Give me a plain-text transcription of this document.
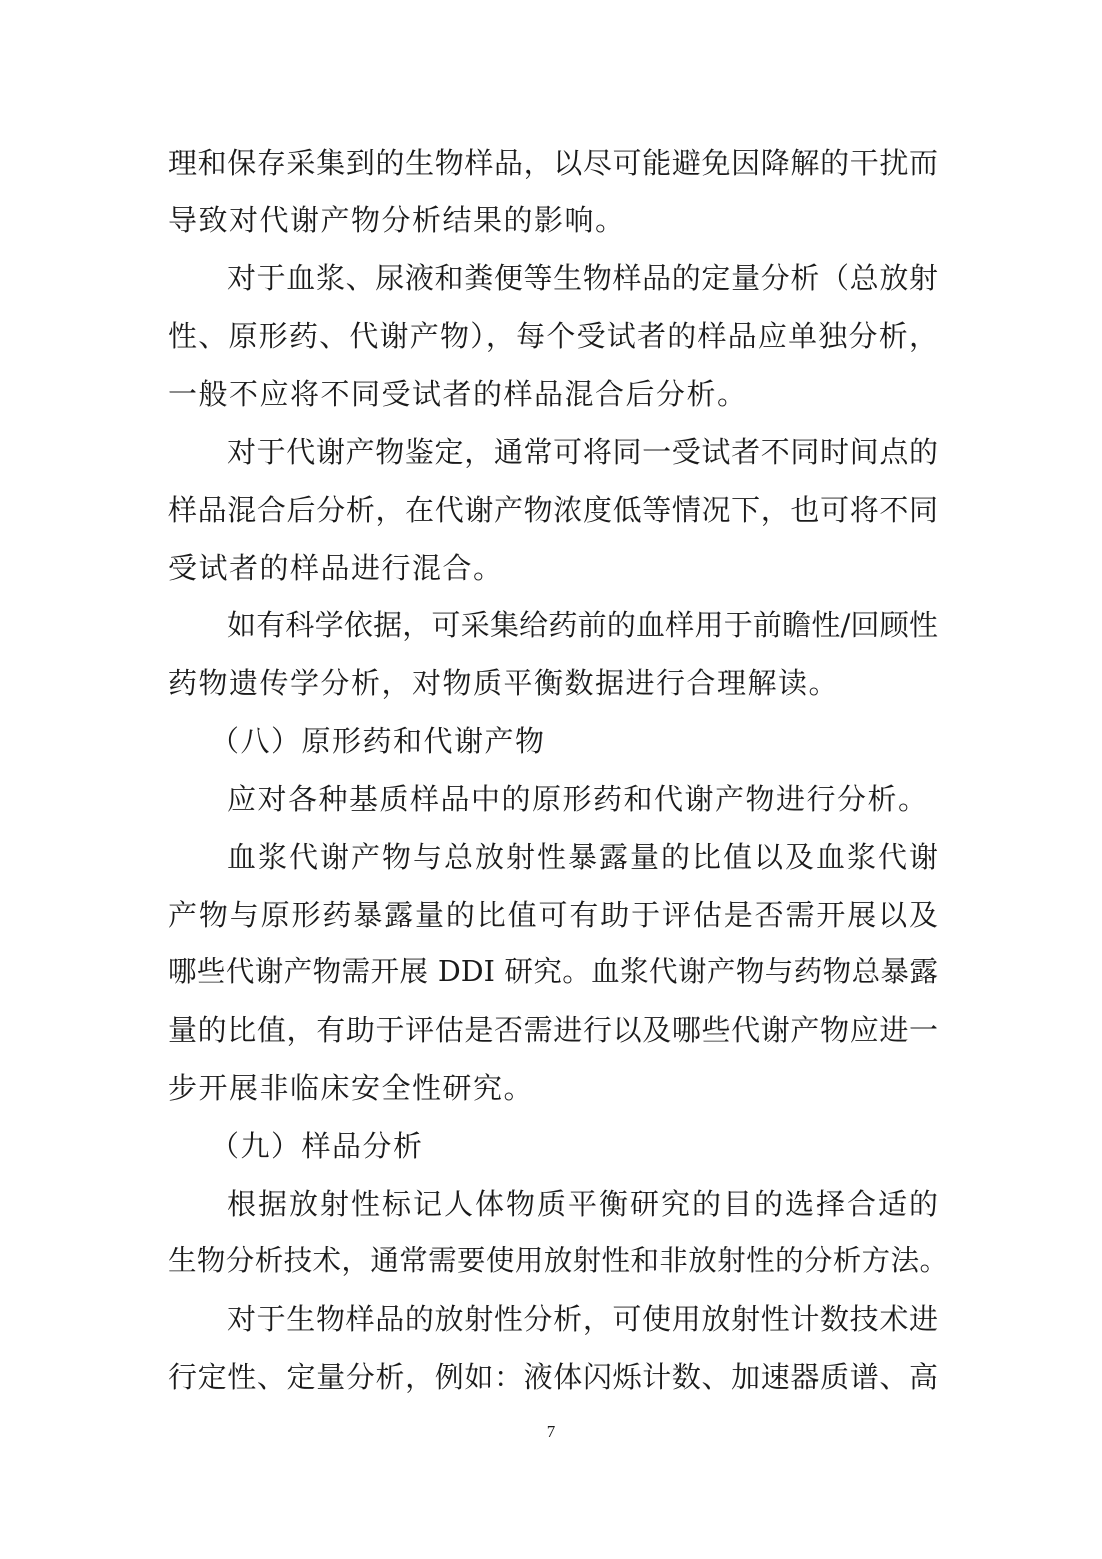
理和保存采集到的生物样品，以尽可能避免因降解的干扰而
导致对代谢产物分析结果的影响。
对于血浆、尿液和粪便等生物样品的定量分析（总放射
性、原形药、代谢产物），每个受试者的样品应单独分析，
一般不应将不同受试者的样品混合后分析。
对于代谢产物鉴定，通常可将同一受试者不同时间点的
样品混合后分析，在代谢产物浓度低等情况下，也可将不同
受试者的样品进行混合。
如有科学依据，可采集给药前的血样用于前瞻性/回顾性
药物遗传学分析，对物质平衡数据进行合理解读。
（八）原形药和代谢产物
应对各种基质样品中的原形药和代谢产物进行分析。
血浆代谢产物与总放射性暴露量的比值以及血浆代谢
产物与原形药暴露量的比值可有助于评估是否需开展以及
哪些代谢产物需开展 DDI 研究。血浆代谢产物与药物总暴露
量的比值，有助于评估是否需进行以及哪些代谢产物应进一
步开展非临床安全性研究。
（九）样品分析
根据放射性标记人体物质平衡研究的目的选择合适的
生物分析技术，通常需要使用放射性和非放射性的分析方法。
对于生物样品的放射性分析，可使用放射性计数技术进
行定性、定量分析，例如：液体闪烁计数、加速器质谱、高
7
